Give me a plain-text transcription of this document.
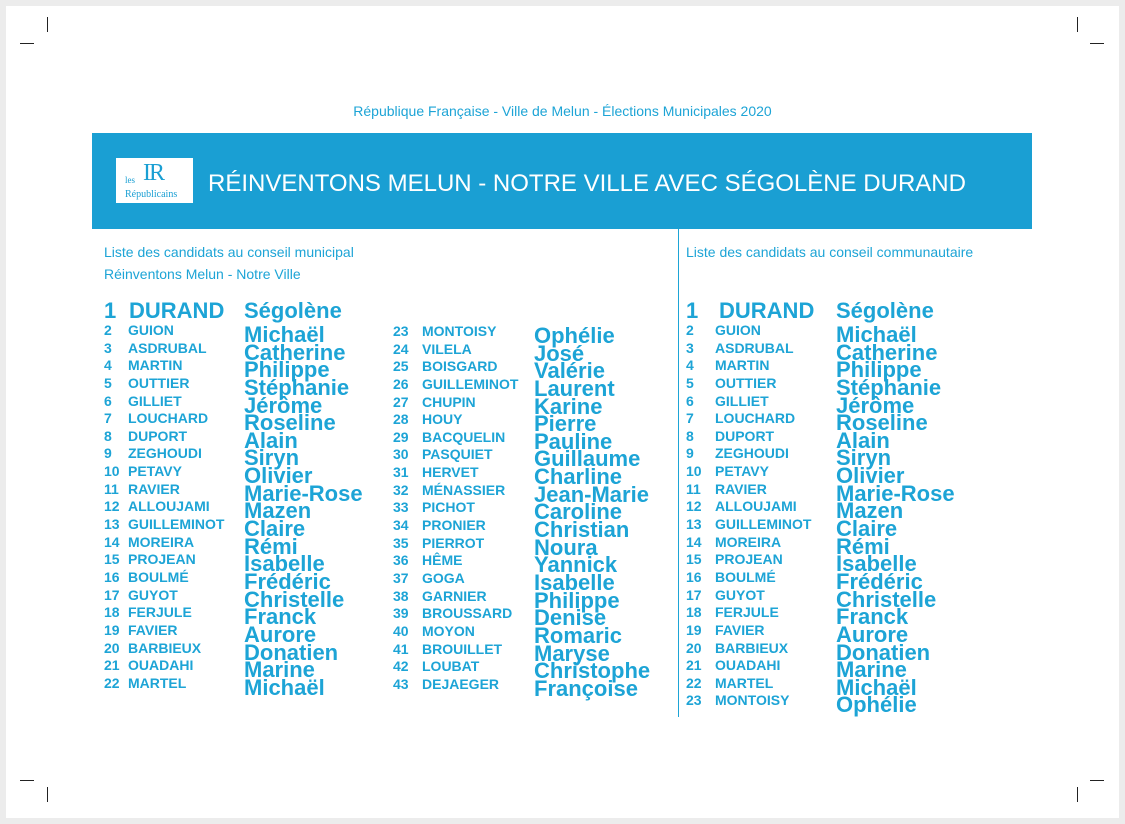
République Française - Ville de Melun - Élections Municipales 2020
IR
les
Républicains RÉINVENTONS MELUN - NOTRE VILLE AVEC SÉGOLÈNE DURAND
Liste des candidats au conseil municipal
Réinventons Melun - Notre Ville
Liste des candidats au conseil communautaire
1 DURAND Ségolène	1 DURAND Ségolène
2 GUION	Michaël
3 ASDRUBAL Catherine
4 MARTIN	Philippe
5 OUTTIER Stéphanie
6 GILLIET	Jérôme
7 LOUCHARD Roseline
8 DUPORT	Alain
9 ZEGHOUDI Siryn
10 PETAVY	Olivier
11 RAVIER	Marie-Rose
12 ALLOUJAMI Mazen
13 GUILLEMINOT Claire
14 MOREIRA Rémi
15 PROJEAN Isabelle
16 BOULMÉ	Frédéric
17 GUYOT	Christelle
18 FERJULE Franck
19 FAVIER	Aurore
20 BARBIEUX Donatien
21 OUADAHI Marine
22 MARTEL	Michaël
23 MONTOISY Ophélie
24 VILELA	José
25 BOISGARD Valérie
26 GUILLEMINOT Laurent
27 CHUPIN	Karine
28 HOUY	Pierre
29 BACQUELIN Pauline
30 PASQUIET Guillaume
31 HERVET	Charline
32 MÉNASSIER Jean-Marie
33 PICHOT	Caroline
34 PRONIER Christian
35 PIERROT Noura
36 HÊME	Yannick
37 GOGA	Isabelle
38 GARNIER Philippe
39 BROUSSARD Denise
40 MOYON	Romaric
41 BROUILLET Maryse
42 LOUBAT Christophe
43 DEJAEGER Françoise
2 GUION	Michaël
3 ASDRUBAL Catherine
4 MARTIN	Philippe
5 OUTTIER	Stéphanie
6 GILLIET	Jérôme
7 LOUCHARD Roseline
8 DUPORT	Alain
9 ZEGHOUDI Siryn
10 PETAVY	Olivier
11 RAVIER	Marie-Rose
12 ALLOUJAMI Mazen
13 GUILLEMINOT Claire
14 MOREIRA Rémi
15 PROJEAN Isabelle
16 BOULMÉ	Frédéric
17 GUYOT	Christelle
18 FERJULE	Franck
19 FAVIER	Aurore
20 BARBIEUX Donatien
21 OUADAHI	Marine
22 MARTEL	Michaël
23 MONTOISY Ophélie
